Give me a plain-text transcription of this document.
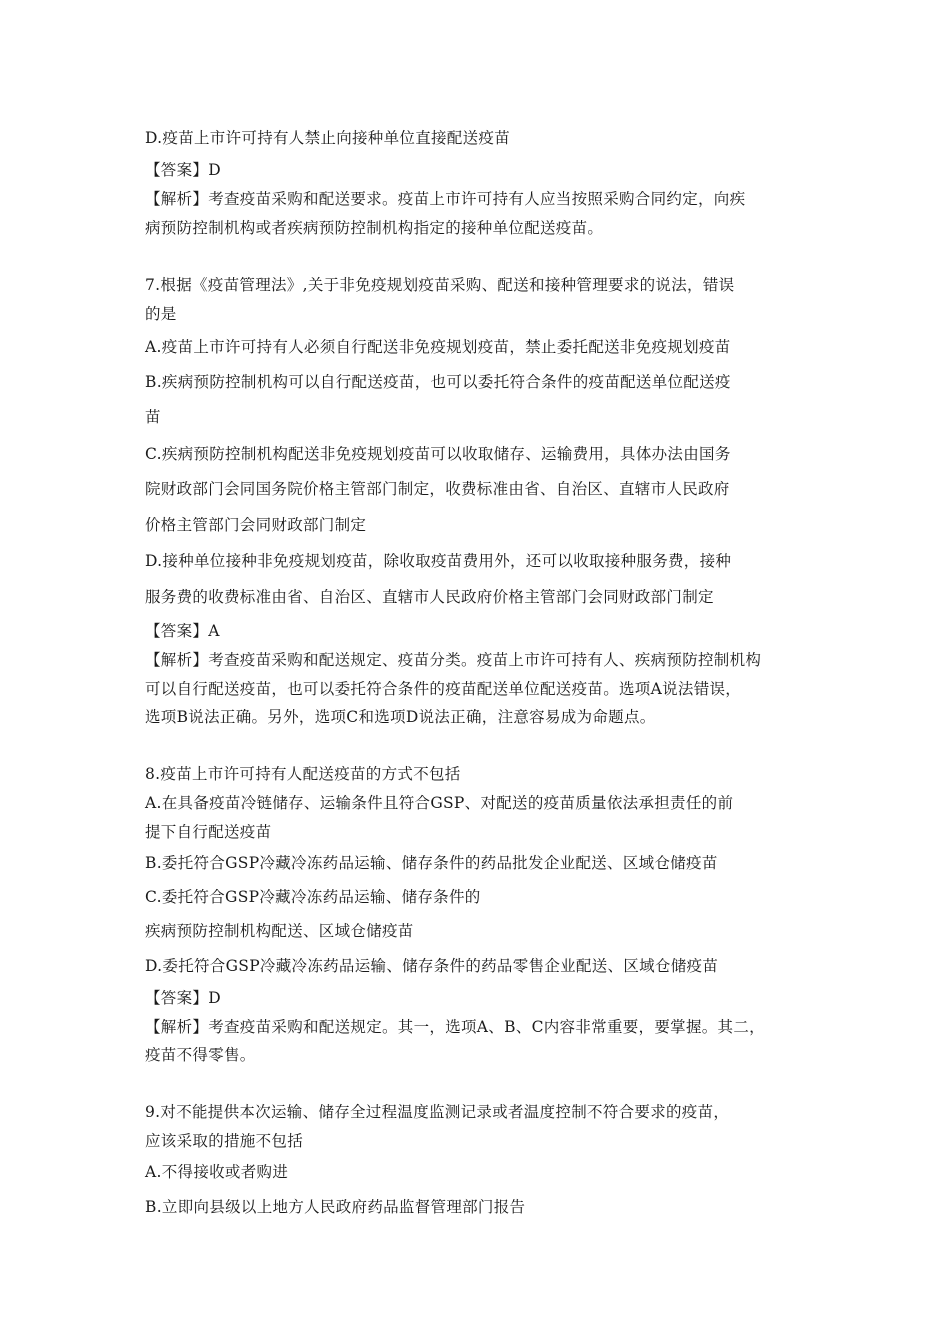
D.疫苗上市许可持有人禁止向接种单位直接配送疫苗
【答案】D
【解析】考查疫苗采购和配送要求。疫苗上市许可持有人应当按照采购合同约定，向疾
病预防控制机构或者疾病预防控制机构指定的接种单位配送疫苗。
7.根据《疫苗管理法》,关于非免疫规划疫苗采购、配送和接种管理要求的说法，错误
的是
A.疫苗上市许可持有人必须自行配送非免疫规划疫苗，禁止委托配送非免疫规划疫苗
B.疾病预防控制机构可以自行配送疫苗，也可以委托符合条件的疫苗配送单位配送疫
苗
C.疾病预防控制机构配送非免疫规划疫苗可以收取储存、运输费用，具体办法由国务
院财政部门会同国务院价格主管部门制定，收费标准由省、自治区、直辖市人民政府
价格主管部门会同财政部门制定
D.接种单位接种非免疫规划疫苗，除收取疫苗费用外，还可以收取接种服务费，接种
服务费的收费标准由省、自治区、直辖市人民政府价格主管部门会同财政部门制定
【答案】A
【解析】考查疫苗采购和配送规定、疫苗分类。疫苗上市许可持有人、疾病预防控制机构
可以自行配送疫苗，也可以委托符合条件的疫苗配送单位配送疫苗。选项A说法错误，
选项B说法正确。另外，选项C和选项D说法正确，注意容易成为命题点。
8.疫苗上市许可持有人配送疫苗的方式不包括
A.在具备疫苗冷链储存、运输条件且符合GSP、对配送的疫苗质量依法承担责任的前
提下自行配送疫苗
B.委托符合GSP冷藏冷冻药品运输、储存条件的药品批发企业配送、区域仓储疫苗
C.委托符合GSP冷藏冷冻药品运输、储存条件的
疾病预防控制机构配送、区域仓储疫苗
D.委托符合GSP冷藏冷冻药品运输、储存条件的药品零售企业配送、区域仓储疫苗
【答案】D
【解析】考查疫苗采购和配送规定。其一，选项A、B、C内容非常重要，要掌握。其二，
疫苗不得零售。
9.对不能提供本次运输、储存全过程温度监测记录或者温度控制不符合要求的疫苗，
应该采取的措施不包括
A.不得接收或者购进
B.立即向县级以上地方人民政府药品监督管理部门报告
